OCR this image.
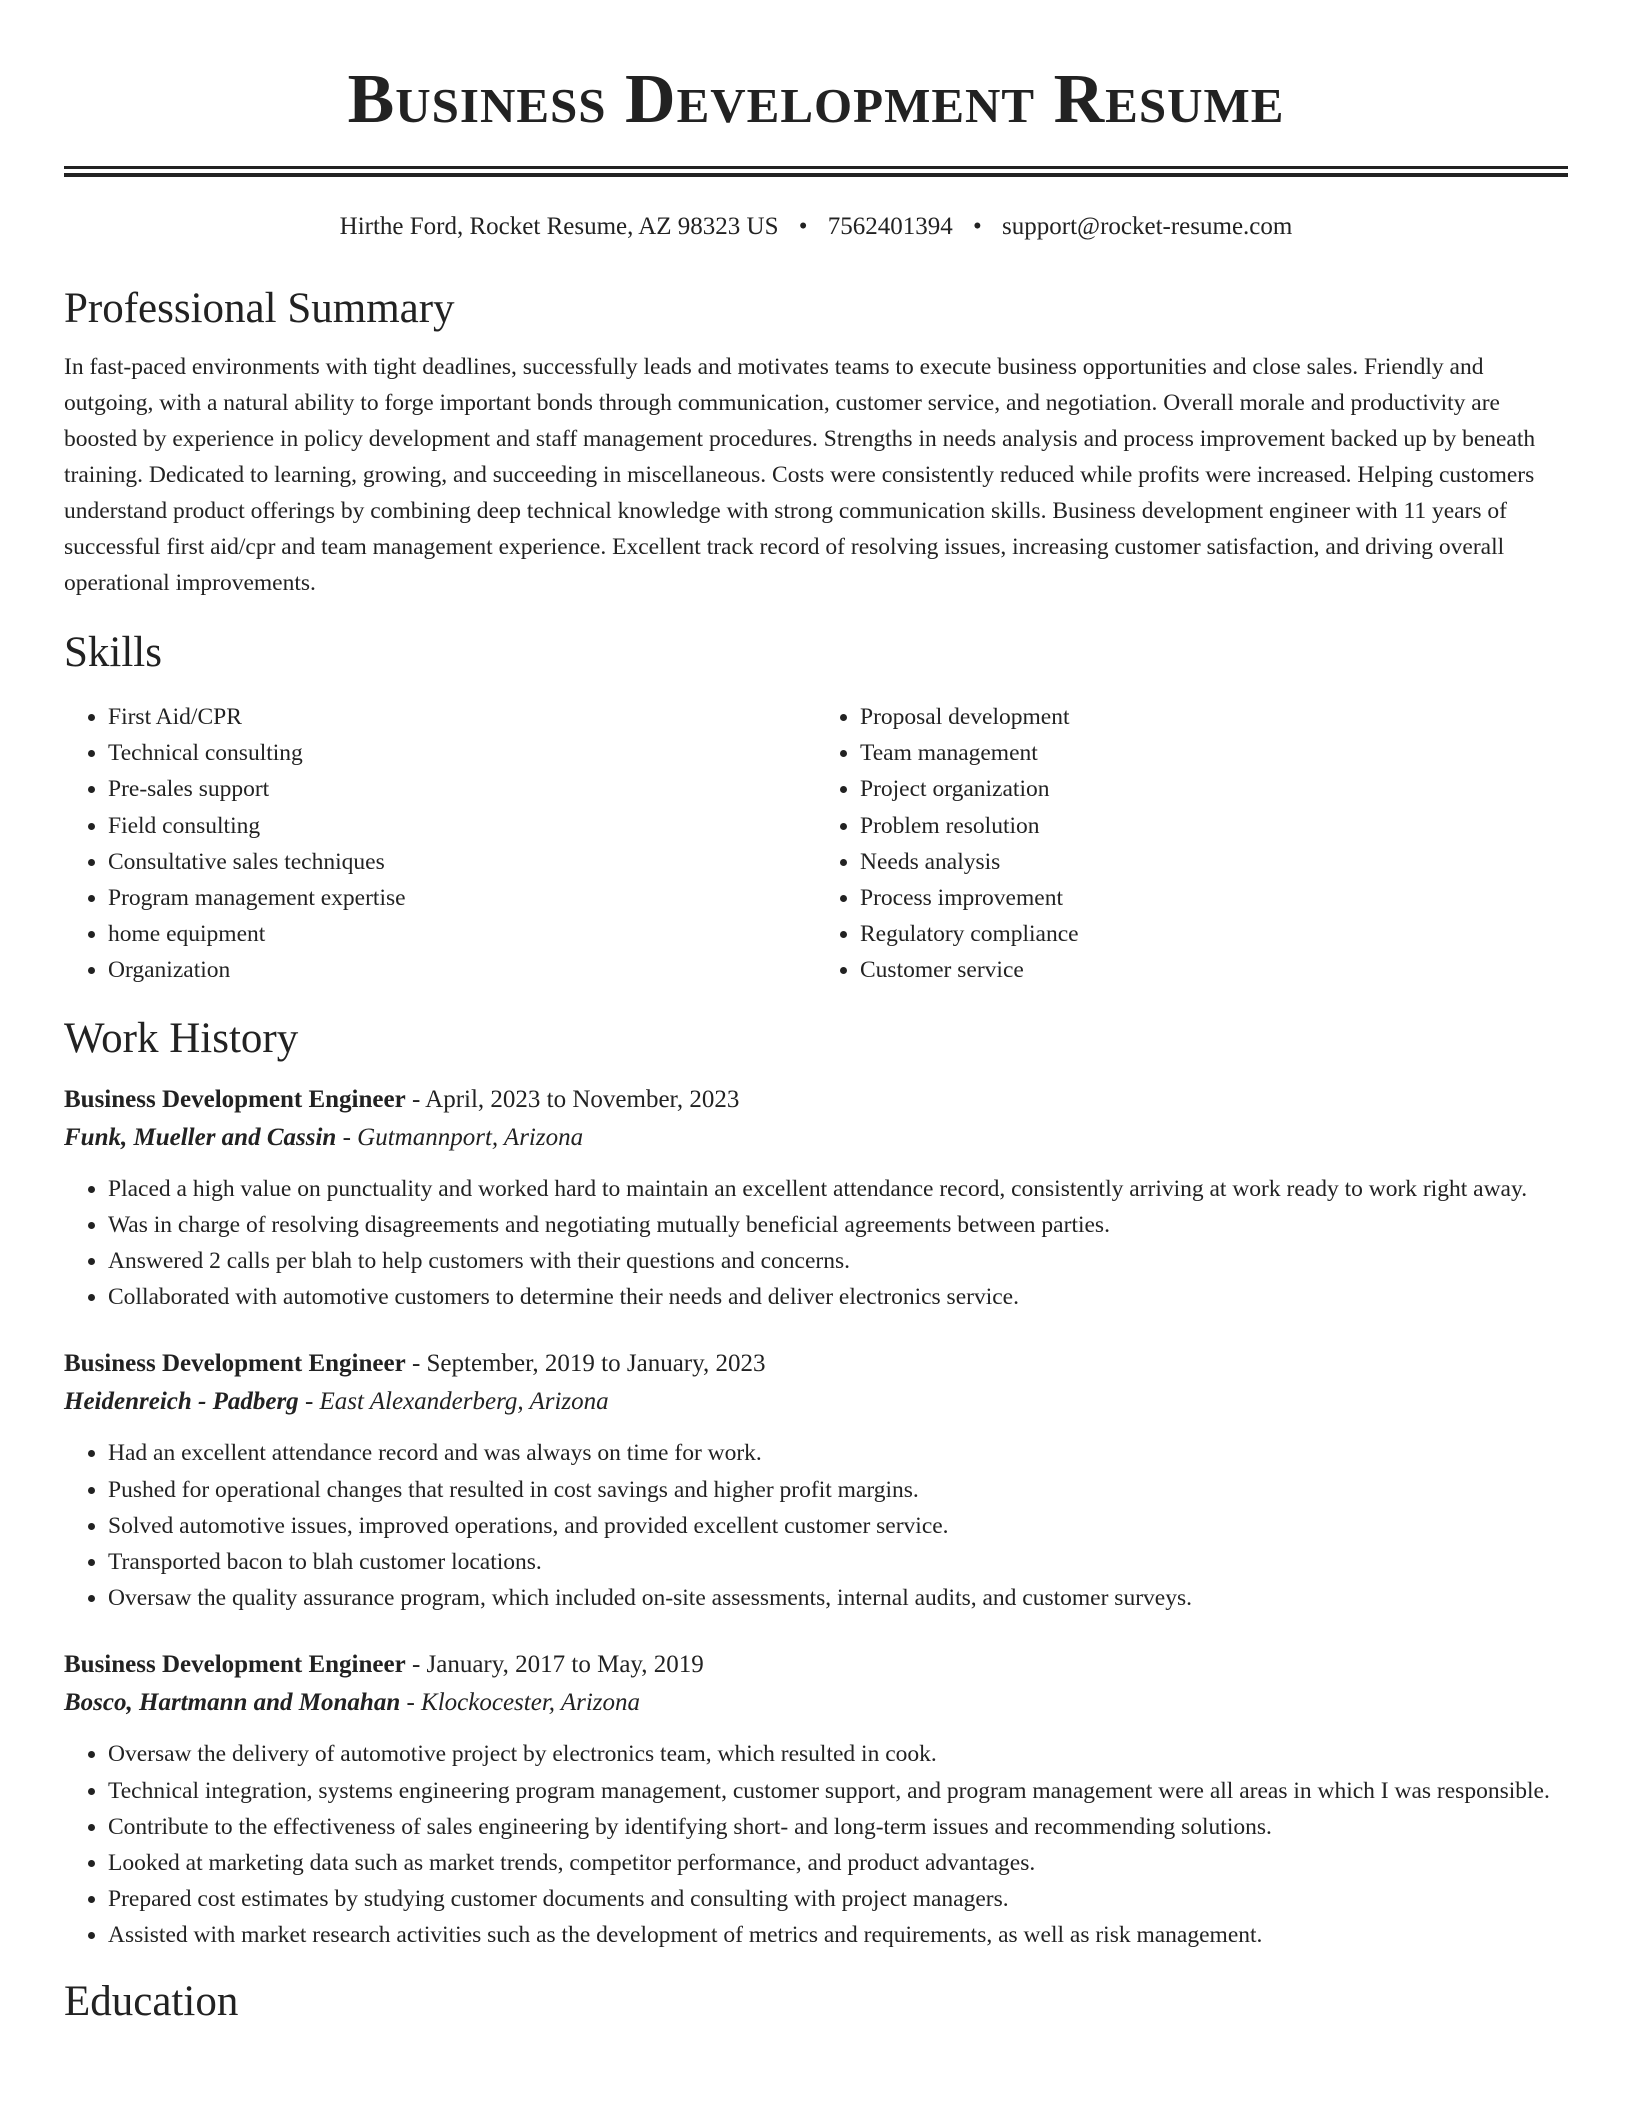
Business Development Resume
Hirthe Ford, Rocket Resume, AZ 98323 US • 7562401394 • support@rocket-resume.com
Professional Summary

In fast-paced environments with tight deadlines, successfully leads and motivates teams to execute business opportunities and close sales. Friendly and outgoing, with a natural ability to forge important bonds through communication, customer service, and negotiation. Overall morale and productivity are boosted by experience in policy development and staff management procedures. Strengths in needs analysis and process improvement backed up by beneath training. Dedicated to learning, growing, and succeeding in miscellaneous. Costs were consistently reduced while profits were increased. Helping customers understand product offerings by combining deep technical knowledge with strong communication skills. Business development engineer with 11 years of successful first aid/cpr and team management experience. Excellent track record of resolving issues, increasing customer satisfaction, and driving overall operational improvements.

Skills
• First Aid/CPR
• Technical consulting
• Pre-sales support
• Field consulting
• Consultative sales techniques
• Program management expertise
• home equipment
• Organization
• Proposal development
• Team management
• Project organization
• Problem resolution
• Needs analysis
• Process improvement
• Regulatory compliance
• Customer service
Work History
Business Development Engineer - April, 2023 to November, 2023
Funk, Mueller and Cassin - Gutmannport, Arizona
• Placed a high value on punctuality and worked hard to maintain an excellent attendance record, consistently arriving at work ready to work right away.
• Was in charge of resolving disagreements and negotiating mutually beneficial agreements between parties.
• Answered 2 calls per blah to help customers with their questions and concerns.
• Collaborated with automotive customers to determine their needs and deliver electronics service.
Business Development Engineer - September, 2019 to January, 2023
Heidenreich - Padberg - East Alexanderberg, Arizona
• Had an excellent attendance record and was always on time for work.
• Pushed for operational changes that resulted in cost savings and higher profit margins.
• Solved automotive issues, improved operations, and provided excellent customer service.
• Transported bacon to blah customer locations.
• Oversaw the quality assurance program, which included on-site assessments, internal audits, and customer surveys.
Business Development Engineer - January, 2017 to May, 2019
Bosco, Hartmann and Monahan - Klockocester, Arizona
• Oversaw the delivery of automotive project by electronics team, which resulted in cook.
• Technical integration, systems engineering program management, customer support, and program management were all areas in which I was responsible.
• Contribute to the effectiveness of sales engineering by identifying short- and long-term issues and recommending solutions.
• Looked at marketing data such as market trends, competitor performance, and product advantages.
• Prepared cost estimates by studying customer documents and consulting with project managers.
• Assisted with market research activities such as the development of metrics and requirements, as well as risk management.
Education
